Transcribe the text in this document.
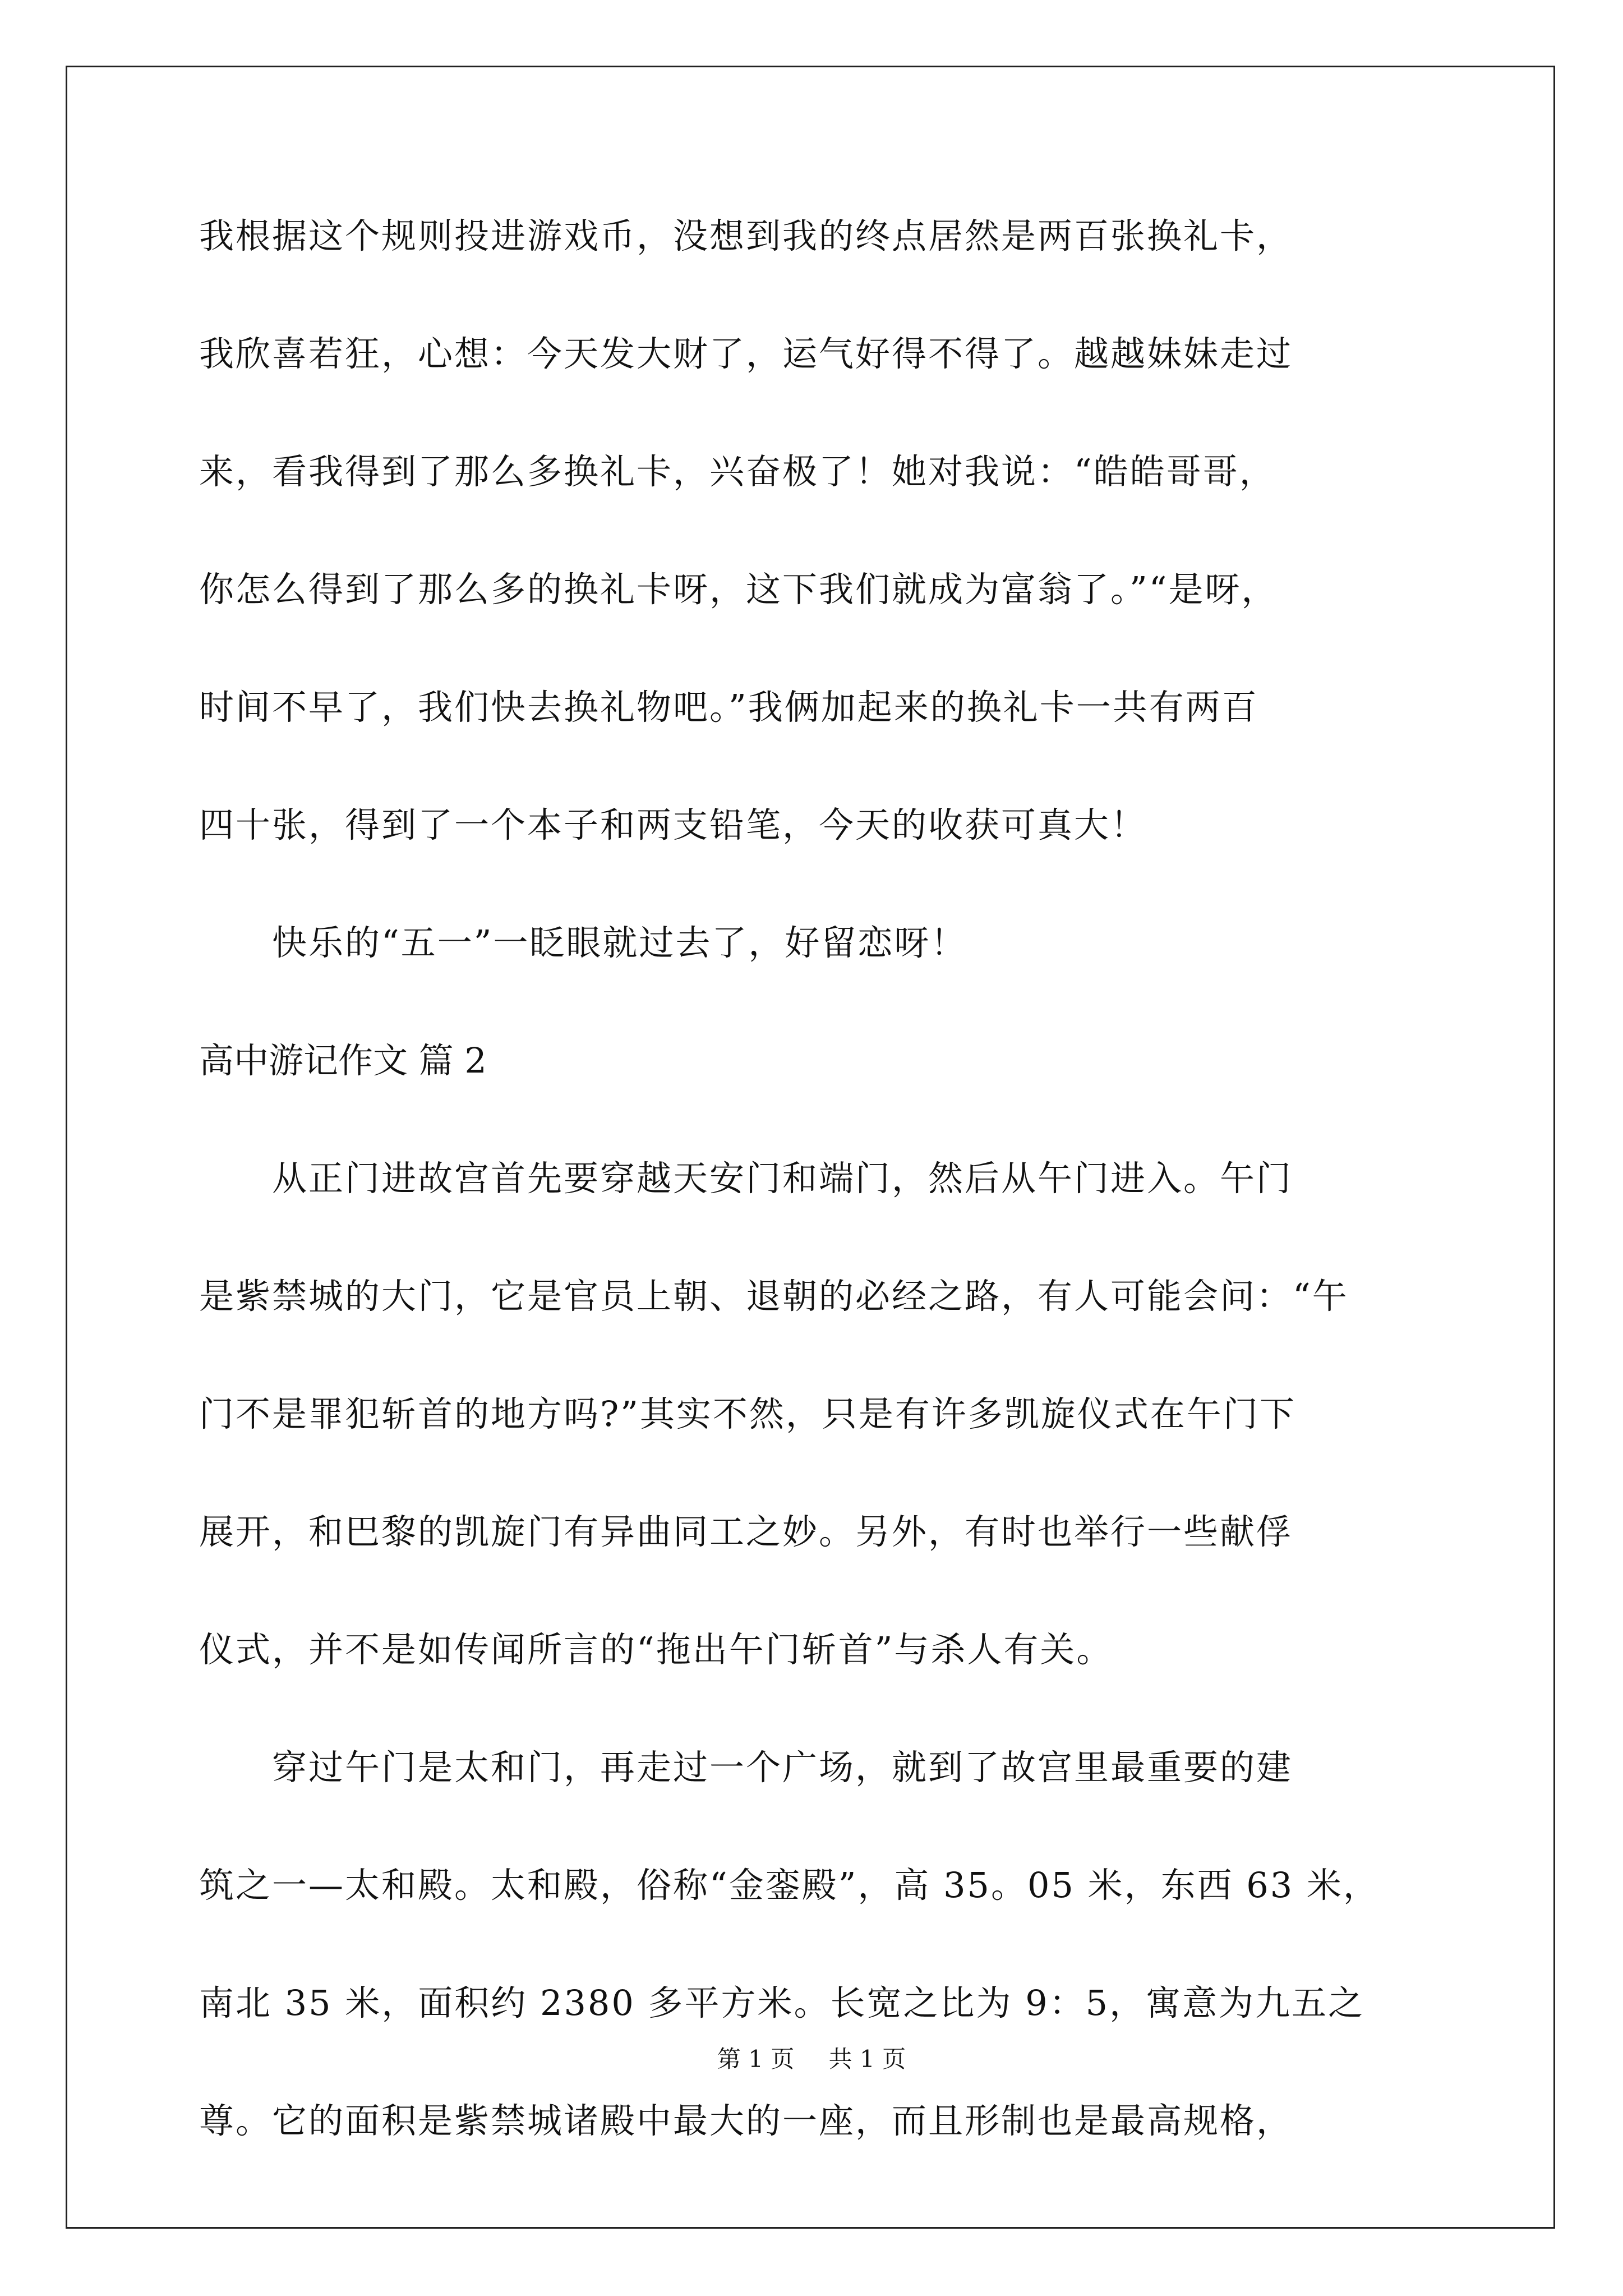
我根据这个规则投进游戏币，没想到我的终点居然是两百张换礼卡，
我欣喜若狂，心想：今天发大财了，运气好得不得了。越越妹妹走过
来，看我得到了那么多换礼卡，兴奋极了！她对我说：“皓皓哥哥，
你怎么得到了那么多的换礼卡呀，这下我们就成为富翁了。”“是呀，
时间不早了，我们快去换礼物吧。”我俩加起来的换礼卡一共有两百
四十张，得到了一个本子和两支铅笔，今天的收获可真大！
快乐的“五一”一眨眼就过去了，好留恋呀！
高中游记作文 篇 2
从正门进故宫首先要穿越天安门和端门，然后从午门进入。午门
是紫禁城的大门，它是官员上朝、退朝的必经之路，有人可能会问：“午
门不是罪犯斩首的地方吗?”其实不然，只是有许多凯旋仪式在午门下
展开，和巴黎的凯旋门有异曲同工之妙。另外，有时也举行一些献俘
仪式，并不是如传闻所言的“拖出午门斩首”与杀人有关。
穿过午门是太和门，再走过一个广场，就到了故宫里最重要的建
筑之一—太和殿。太和殿，俗称“金銮殿”，高 35。05 米，东西 63 米，
南北 35 米，面积约 2380 多平方米。长宽之比为 9：5，寓意为九五之
尊。它的面积是紫禁城诸殿中最大的一座，而且形制也是最高规格，
第 1 页 共 1 页
